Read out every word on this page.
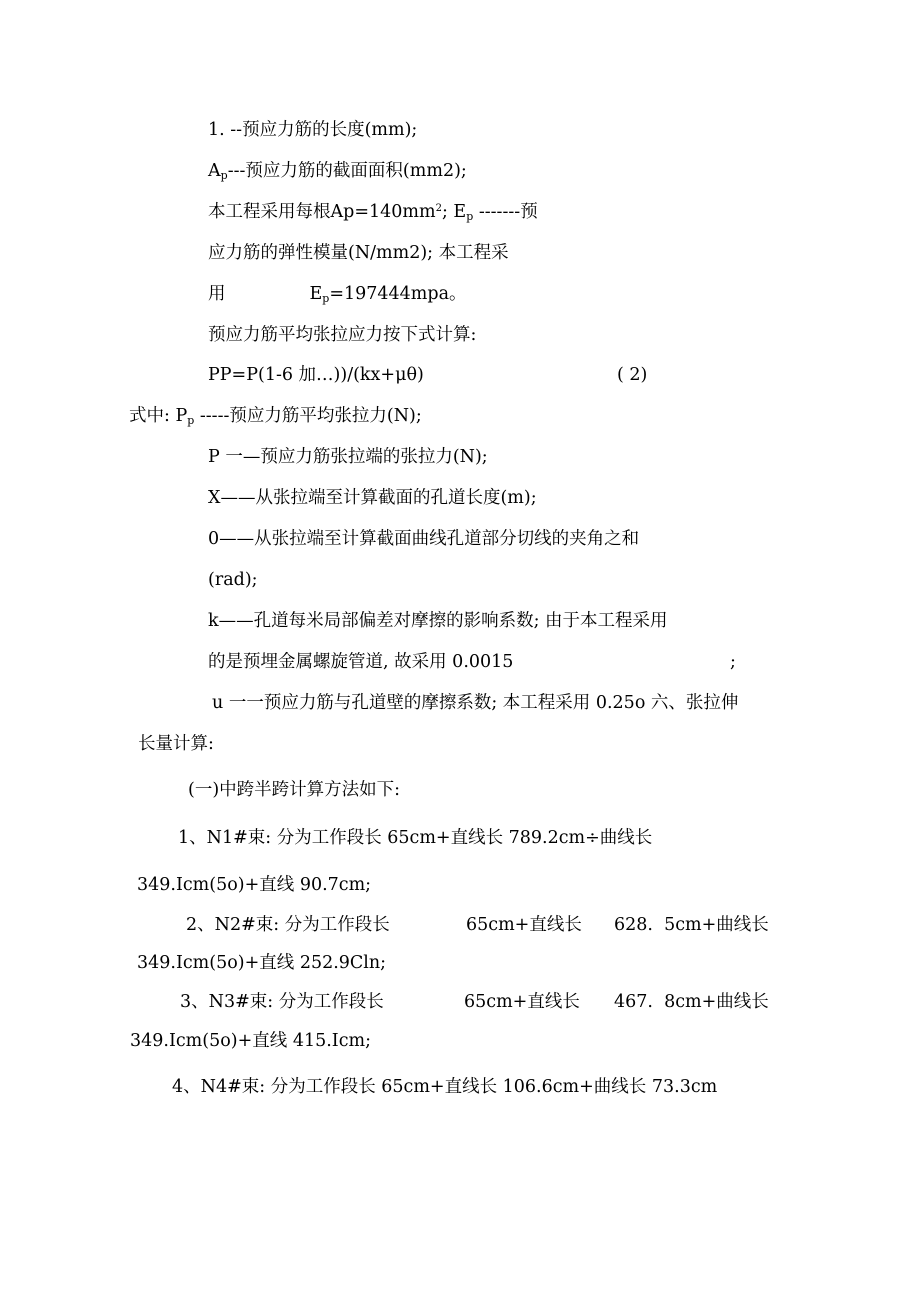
1. --预应力筋的长度(mm);
$A_p---$预应力筋的截面面积(mm2);
本工程采用每根$Ap=140mm^2$; $E_p$ -------预
应力筋的弹性模量(N/mm2); 本工程采
用	$E_p=197444mpa$。
预应力筋平均张拉应力按下式计算:
PP=P(1-6 加…))/(kx+μθ)	( 2)
式中: $P_p$ -----预应力筋平均张拉力(N);
P 一—预应力筋张拉端的张拉力(N);
X——从张拉端至计算截面的孔道长度(m);
0——从张拉端至计算截面曲线孔道部分切线的夹角之和
(rad);
k——孔道每米局部偏差对摩擦的影响系数; 由于本工程采用
的是预埋金属螺旋管道, 故采用 0.0015	;
u 一一预应力筋与孔道壁的摩擦系数; 本工程采用 0.25o 六、张拉伸
长量计算:
(一)中跨半跨计算方法如下:
1、N1#束: 分为工作段长 65cm+直线长 789.2cm÷曲线长
349.Icm(5o)+直线 90.7cm;
2、N2#束: 分为工作段长	65cm+直线长 628.  5cm+曲线长
349.Icm(5o)+直线 252.9Cln;
3、N3#束: 分为工作段长	65cm+直线长 467.  8cm+曲线长
349.Icm(5o)+直线 415.Icm;
4、N4#束: 分为工作段长 65cm+直线长 106.6cm+曲线长 73.3cm
